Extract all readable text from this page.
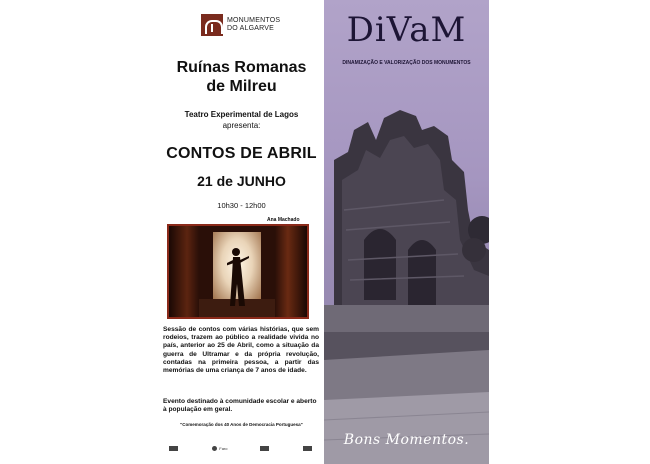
MONUMENTOS
DO ALGARVE
Ruínas Romanas
de Milreu
Teatro Experimental de Lagos
apresenta:
CONTOS DE ABRIL
21 de JUNHO
10h30 - 12h00
Ana Machado
Sessão de contos com várias histórias, que sem rodeios, trazem ao público a realidade vivida no país, anterior ao 25 de Abril, como a situação da guerra de Ultramar e da própria revolução, contadas na primeira pessoa, a partir das memórias de uma criança de 7 anos de idade.
Evento destinado à comunidade escolar e aberto à população em geral.
"Comemoração dos 40 Anos de Democracia Portuguesa"
Faro
DiVaM
DINAMIZAÇÃO E VALORIZAÇÃO DOS MONUMENTOS
Bons Momentos.
